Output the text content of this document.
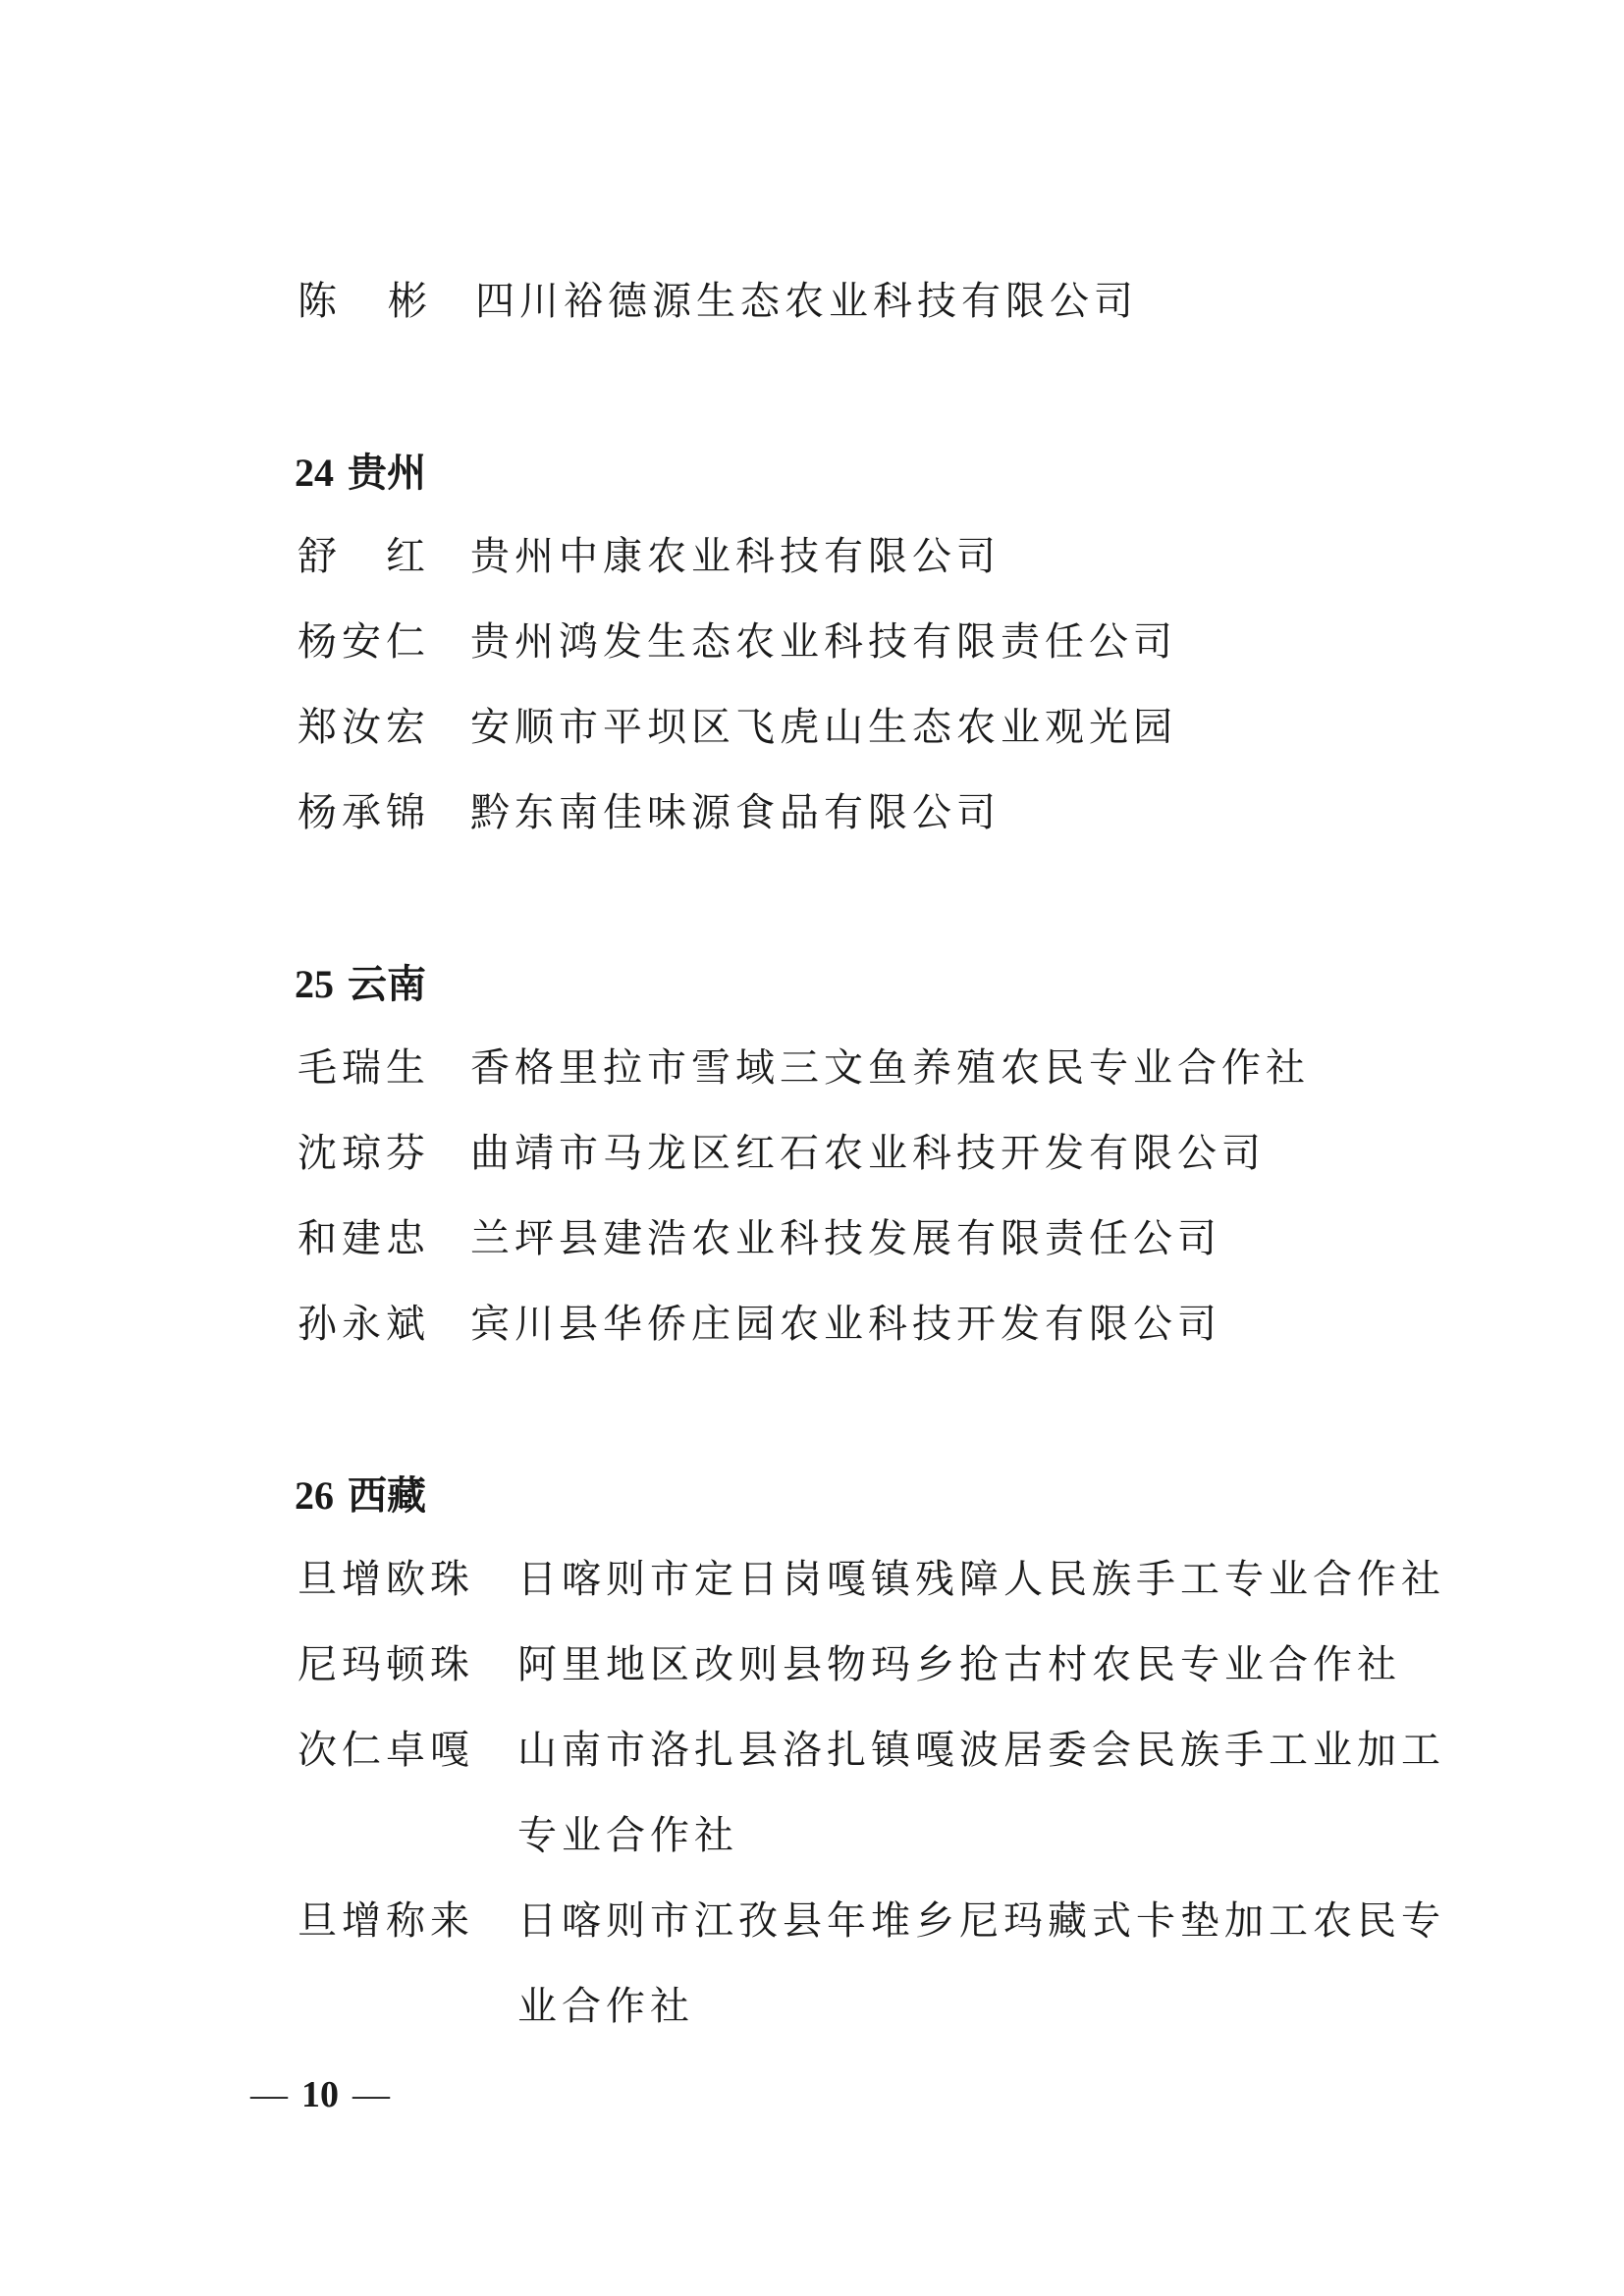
陈 彬 四川裕德源生态农业科技有限公司
24 贵州
舒　红 贵州中康农业科技有限公司
杨安仁 贵州鸿发生态农业科技有限责任公司
郑汝宏 安顺市平坝区飞虎山生态农业观光园
杨承锦 黔东南佳味源食品有限公司
25 云南
毛瑞生 香格里拉市雪域三文鱼养殖农民专业合作社
沈琼芬 曲靖市马龙区红石农业科技开发有限公司
和建忠 兰坪县建浩农业科技发展有限责任公司
孙永斌 宾川县华侨庄园农业科技开发有限公司
26 西藏
旦增欧珠 日喀则市定日岗嘎镇残障人民族手工专业合作社
尼玛顿珠 阿里地区改则县物玛乡抢古村农民专业合作社
次仁卓嘎 山南市洛扎县洛扎镇嘎波居委会民族手工业加工
专业合作社
旦增称来 日喀则市江孜县年堆乡尼玛藏式卡垫加工农民专
业合作社
— 10 —
